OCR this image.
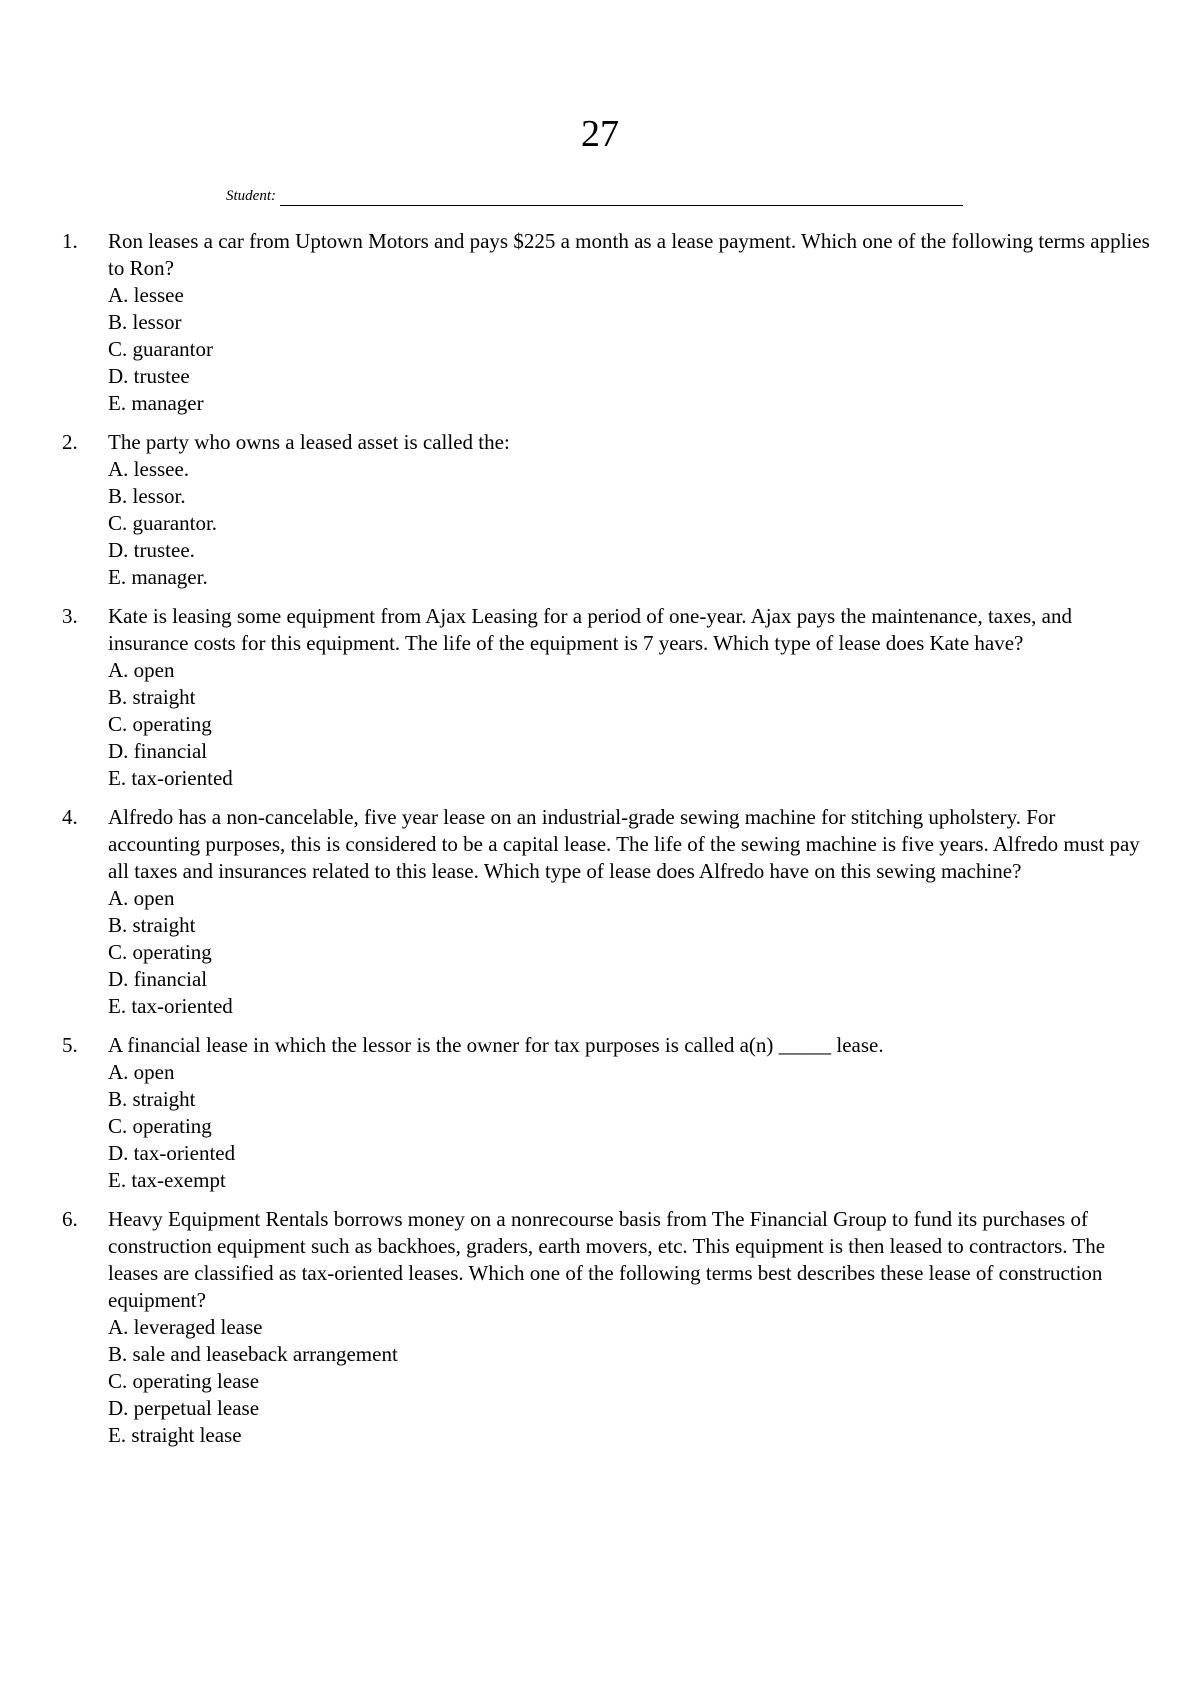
27
Student:
1.	Ron leases a car from Uptown Motors and pays $225 a month as a lease payment. Which one of the following terms applies to Ron?
A. lessee
B. lessor
C. guarantor
D. trustee
E. manager
2.	The party who owns a leased asset is called the:
A. lessee.
B. lessor.
C. guarantor.
D. trustee.
E. manager.
3.	Kate is leasing some equipment from Ajax Leasing for a period of one-year. Ajax pays the maintenance, taxes, and insurance costs for this equipment. The life of the equipment is 7 years. Which type of lease does Kate have?
A. open
B. straight
C. operating
D. financial
E. tax-oriented
4.	Alfredo has a non-cancelable, five year lease on an industrial-grade sewing machine for stitching upholstery. For accounting purposes, this is considered to be a capital lease. The life of the sewing machine is five years. Alfredo must pay all taxes and insurances related to this lease. Which type of lease does Alfredo have on this sewing machine?
A. open
B. straight
C. operating
D. financial
E. tax-oriented
5.	A financial lease in which the lessor is the owner for tax purposes is called a(n) _____ lease.
A. open
B. straight
C. operating
D. tax-oriented
E. tax-exempt
6.	Heavy Equipment Rentals borrows money on a nonrecourse basis from The Financial Group to fund its purchases of construction equipment such as backhoes, graders, earth movers, etc. This equipment is then leased to contractors. The leases are classified as tax-oriented leases. Which one of the following terms best describes these lease of construction equipment?
A. leveraged lease
B. sale and leaseback arrangement
C. operating lease
D. perpetual lease
E. straight lease
